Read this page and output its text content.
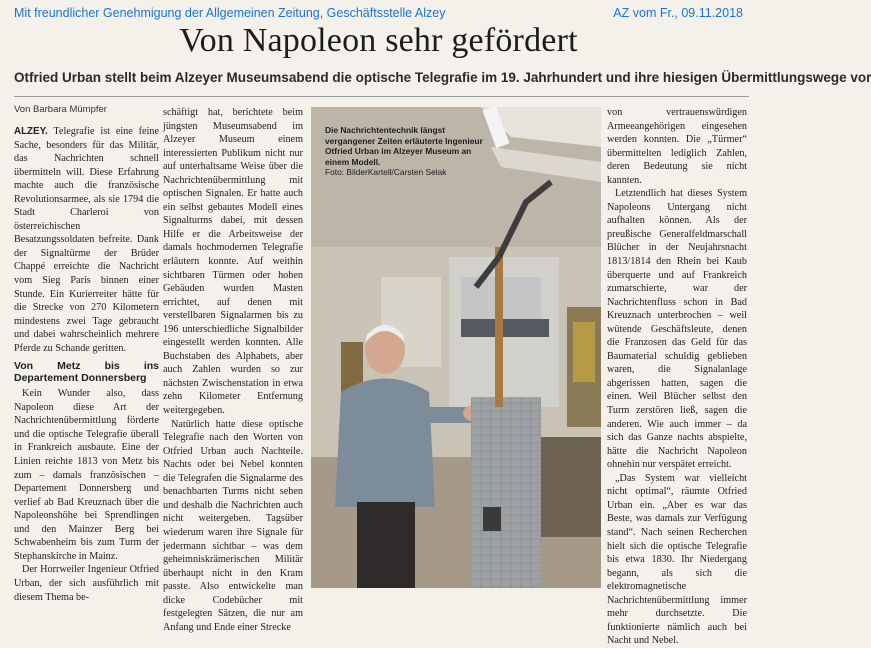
Mit freundlicher Genehmigung der Allgemeinen Zeitung, Geschäftsstelle Alzey	AZ vom Fr., 09.11.2018
Von Napoleon sehr gefördert
Otfried Urban stellt beim Alzeyer Museumsabend die optische Telegrafie im 19. Jahrhundert und ihre hiesigen Übermittlungswege vor
Von Barbara Mümpfer

ALZEY. Telegrafie ist eine feine Sache, besonders für das Militär, das Nachrichten schnell übermitteln will. Diese Erfahrung machte auch die französische Revolutionsarmee, als sie 1794 die Stadt Charleroi von österreichischen Besatzungssoldaten befreite. Dank der Signaltürme der Brüder Chappé erreichte die Nachricht vom Sieg Paris binnen einer Stunde. Ein Kurierreiter hätte für die Strecke von 270 Kilometern mindestens zwei Tage gebraucht und dabei wahrscheinlich mehrere Pferde zu Schande geritten.

Von Metz bis ins Departement Donnersberg

Kein Wunder also, dass Napoleon diese Art der Nachrichtenübermittlung förderte und die optische Telegrafie überall in Frankreich ausbaute. Eine der Linien reichte 1813 von Metz bis zum – damals französischen – Departement Donnersberg und verlief ab Bad Kreuznach über die Napoleonshöhe bei Sprendlingen und den Mainzer Berg bei Schwabenheim bis zum Turm der Stephanskirche in Mainz.

Der Horrweiler Ingenieur Otfried Urban, der sich ausführlich mit diesem Thema be-

schäftigt hat, berichtete beim jüngsten Museumsabend im Alzeyer Museum einem interessierten Publikum nicht nur auf unterhaltsame Weise über die Nachrichtenübermittlung mit optischen Signalen. Er hatte auch ein selbst gebautes Modell eines Signalturms dabei, mit dessen Hilfe er die Arbeitsweise der damals hochmodernen Telegrafie erläutern konnte. Auf weithin sichtbaren Türmen oder hohen Gebäuden wurden Masten errichtet, auf denen mit verstellbaren Signalarmen bis zu 196 unterschiedliche Signalbilder eingestellt werden konnten. Alle Buchstaben des Alphabets, aber auch Zahlen wurden so zur nächsten Zwischenstation in etwa zehn Kilometer Entfernung weitergegeben.

Natürlich hatte diese optische Telegrafie nach den Worten von Otfried Urban auch Nachteile. Nachts oder bei Nebel konnten die Telegrafen die Signalarme des benachbarten Turms nicht sehen und deshalb die Nachrichten auch nicht weitergeben. Tagsüber wiederum waren ihre Signale für jedermann sichtbar – was dem geheimniskrämerischen Militär überhaupt nicht in den Kram passte. Also entwickelte man dicke Codebücher mit festgelegten Sätzen, die nur am Anfang und Ende einer Strecke

Die Nachrichtentechnik längst vergangener Zeiten erläuterte Ingenieur Otfried Urban im Alzeyer Museum an einem Modell.
Foto: BilderKartell/Carsten Selak

von vertrauenswürdigen Armeeangehörigen eingesehen werden konnten. Die „Türmer“ übermittelten lediglich Zahlen, deren Bedeutung sie nicht kannten.

Letztendlich hat dieses System Napoleons Untergang nicht aufhalten können. Als der preußische Generalfeldmarschall Blücher in der Neujahrsnacht 1813/1814 den Rhein bei Kaub überquerte und auf Frankreich zumarschierte, war der Nachrichtenfluss schon in Bad Kreuznach unterbrochen – weil wütende Geschäftsleute, denen die Franzosen das Geld für das Baumaterial schuldig geblieben waren, die Signalanlage abgerissen hatten, sagen die einen. Weil Blücher selbst den Turm zerstören ließ, sagen die anderen. Wie auch immer – da sich das Ganze nachts abspielte, hätte die Nachricht Napoleon ohnehin nur verspätet erreicht.

„Das System war vielleicht nicht optimal“, räumte Otfried Urban ein. „Aber es war das Beste, was damals zur Verfügung stand“. Nach seinen Recherchen hielt sich die optische Telegrafie bis etwa 1830. Ihr Niedergang begann, als sich die elektromagnetische Nachrichtenübermittlung immer mehr durchsetzte. Die funktionierte nämlich auch bei Nacht und Nebel.
